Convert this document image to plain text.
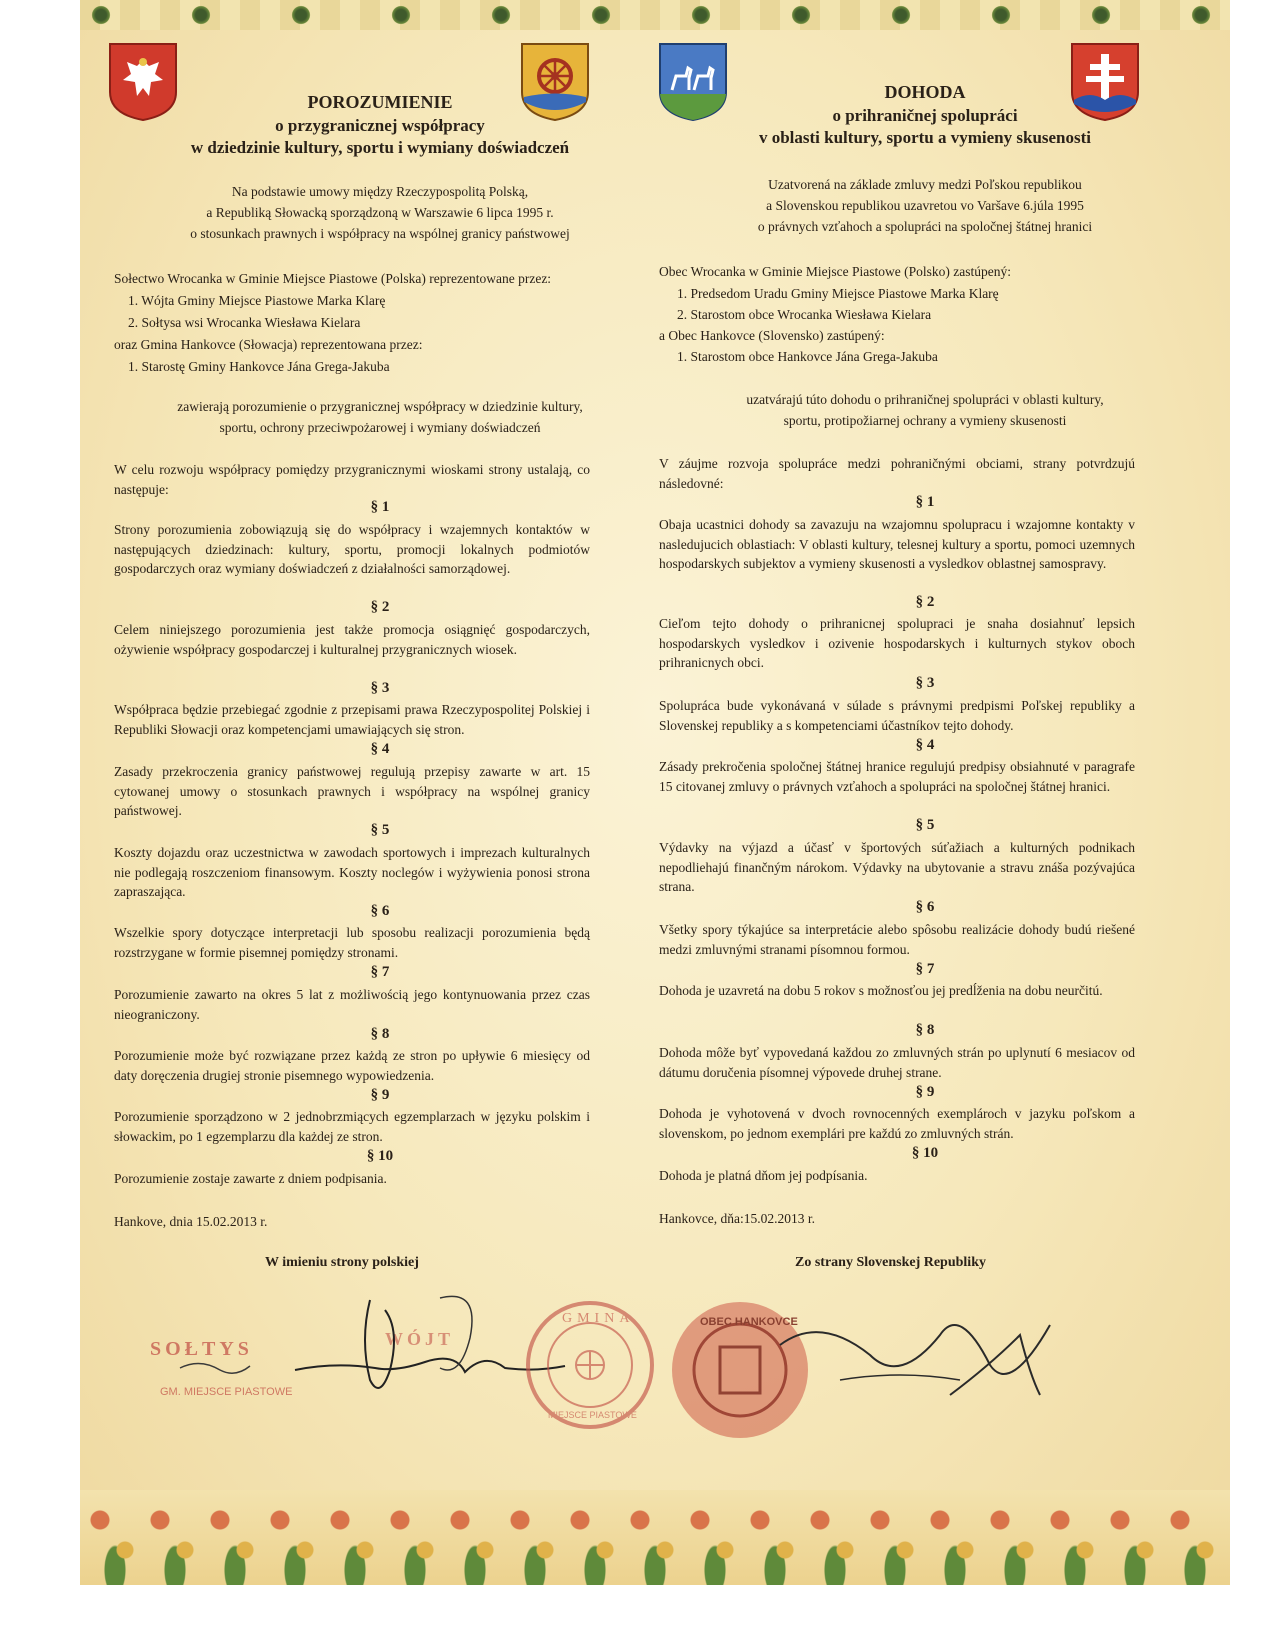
POROZUMIENIE
o przygranicznej współpracy
w dziedzinie kultury, sportu i wymiany doświadczeń
Na podstawie umowy między Rzeczypospolitą Polską,
a Republiką Słowacką sporządzoną w Warszawie 6 lipca 1995 r.
o stosunkach prawnych i współpracy na wspólnej granicy państwowej
Sołectwo Wrocanka w Gminie Miejsce Piastowe (Polska) reprezentowane przez:
1. Wójta Gminy Miejsce Piastowe Marka Klarę
2. Sołtysa wsi Wrocanka Wiesława Kielara
oraz Gmina Hankovce (Słowacja) reprezentowana przez:
1. Starostę Gminy Hankovce Jána Grega-Jakuba
zawierają porozumienie o przygranicznej współpracy w dziedzinie kultury,
sportu, ochrony przeciwpożarowej i wymiany doświadczeń
W celu rozwoju współpracy pomiędzy przygranicznymi wioskami strony ustalają, co następuje:
§ 1
Strony porozumienia zobowiązują się do współpracy i wzajemnych kontaktów w następujących dziedzinach: kultury, sportu, promocji lokalnych podmiotów gospodarczych oraz wymiany doświadczeń z działalności samorządowej.
§ 2
Celem niniejszego porozumienia jest także promocja osiągnięć gospodarczych, ożywienie współpracy gospodarczej i kulturalnej przygranicznych wiosek.
§ 3
Współpraca będzie przebiegać zgodnie z przepisami prawa Rzeczypospolitej Polskiej i Republiki Słowacji oraz kompetencjami umawiających się stron.
§ 4
Zasady przekroczenia granicy państwowej regulują przepisy zawarte w art. 15 cytowanej umowy o stosunkach prawnych i współpracy na wspólnej granicy państwowej.
§ 5
Koszty dojazdu oraz uczestnictwa w zawodach sportowych i imprezach kulturalnych nie podlegają roszczeniom finansowym. Koszty noclegów i wyżywienia ponosi strona zapraszająca.
§ 6
Wszelkie spory dotyczące interpretacji lub sposobu realizacji porozumienia będą rozstrzygane w formie pisemnej pomiędzy stronami.
§ 7
Porozumienie zawarto na okres 5 lat z możliwością jego kontynuowania przez czas nieograniczony.
§ 8
Porozumienie może być rozwiązane przez każdą ze stron po upływie 6 miesięcy od daty doręczenia drugiej stronie pisemnego wypowiedzenia.
§ 9
Porozumienie sporządzono w 2 jednobrzmiących egzemplarzach w języku polskim i słowackim, po 1 egzemplarzu dla każdej ze stron.
§ 10
Porozumienie zostaje zawarte z dniem podpisania.
Hankove, dnia 15.02.2013 r.
W imieniu strony polskiej
DOHODA
o prihraničnej spolupráci
v oblasti kultury, sportu a vymieny skusenosti
Uzatvorená na základe zmluvy medzi Poľskou republikou
a Slovenskou republikou uzavretou vo Varšave 6.júla 1995
o právnych vzťahoch a spolupráci na spoločnej štátnej hranici
Obec Wrocanka w Gminie Miejsce Piastowe (Polsko) zastúpený:
1. Predsedom Uradu Gminy Miejsce Piastowe Marka Klarę
2. Starostom obce Wrocanka Wiesława Kielara
a Obec Hankovce (Slovensko) zastúpený:
1. Starostom obce Hankovce Jána Grega-Jakuba
uzatvárajú túto dohodu o prihraničnej spolupráci v oblasti kultury,
sportu, protipožiarnej ochrany a vymieny skusenosti
V záujme rozvoja spolupráce medzi pohraničnými obciami, strany potvrdzujú následovné:
§ 1
Obaja ucastnici dohody sa zavazuju na wzajomnu spolupracu i wzajomne kontakty v nasledujucich oblastiach: V oblasti kultury, telesnej kultury a sportu, pomoci uzemnych hospodarskych subjektov a vymieny skusenosti a vysledkov oblastnej samospravy.
§ 2
Cieľom tejto dohody o prihranicnej spolupraci je snaha dosiahnuť lepsich hospodarskych vysledkov i ozivenie hospodarskych i kulturnych stykov oboch prihranicnych obci.
§ 3
Spolupráca bude vykonávaná v súlade s právnymi predpismi Poľskej republiky a Slovenskej republiky a s kompetenciami účastníkov tejto dohody.
§ 4
Zásady prekročenia spoločnej štátnej hranice regulujú predpisy obsiahnuté v paragrafe 15 citovanej zmluvy o právnych vzťahoch a spolupráci na spoločnej štátnej hranici.
§ 5
Výdavky na výjazd a účasť v športových súťažiach a kulturných podnikach nepodliehajú finančným nárokom. Výdavky na ubytovanie a stravu znáša pozývajúca strana.
§ 6
Všetky spory týkajúce sa interpretácie alebo spôsobu realizácie dohody budú riešené medzi zmluvnými stranami písomnou formou.
§ 7
Dohoda je uzavretá na dobu 5 rokov s možnosťou jej predĺženia na dobu neurčitú.
§ 8
Dohoda môže byť vypovedaná každou zo zmluvných strán po uplynutí 6 mesiacov od dátumu doručenia písomnej výpovede druhej strane.
§ 9
Dohoda je vyhotovená v dvoch rovnocenných exemplároch v jazyku poľskom a slovenskom, po jednom exemplári pre každú zo zmluvných strán.
§ 10
Dohoda je platná dňom jej podpísania.
Hankovce, dňa:15.02.2013 r.
Zo strany Slovenskej Republiky
SOŁTYS
GM. MIEJSCE PIASTOWE
WÓJT
GMINA
MIEJSCE PIASTOWE
OBEC HANKOVCE
